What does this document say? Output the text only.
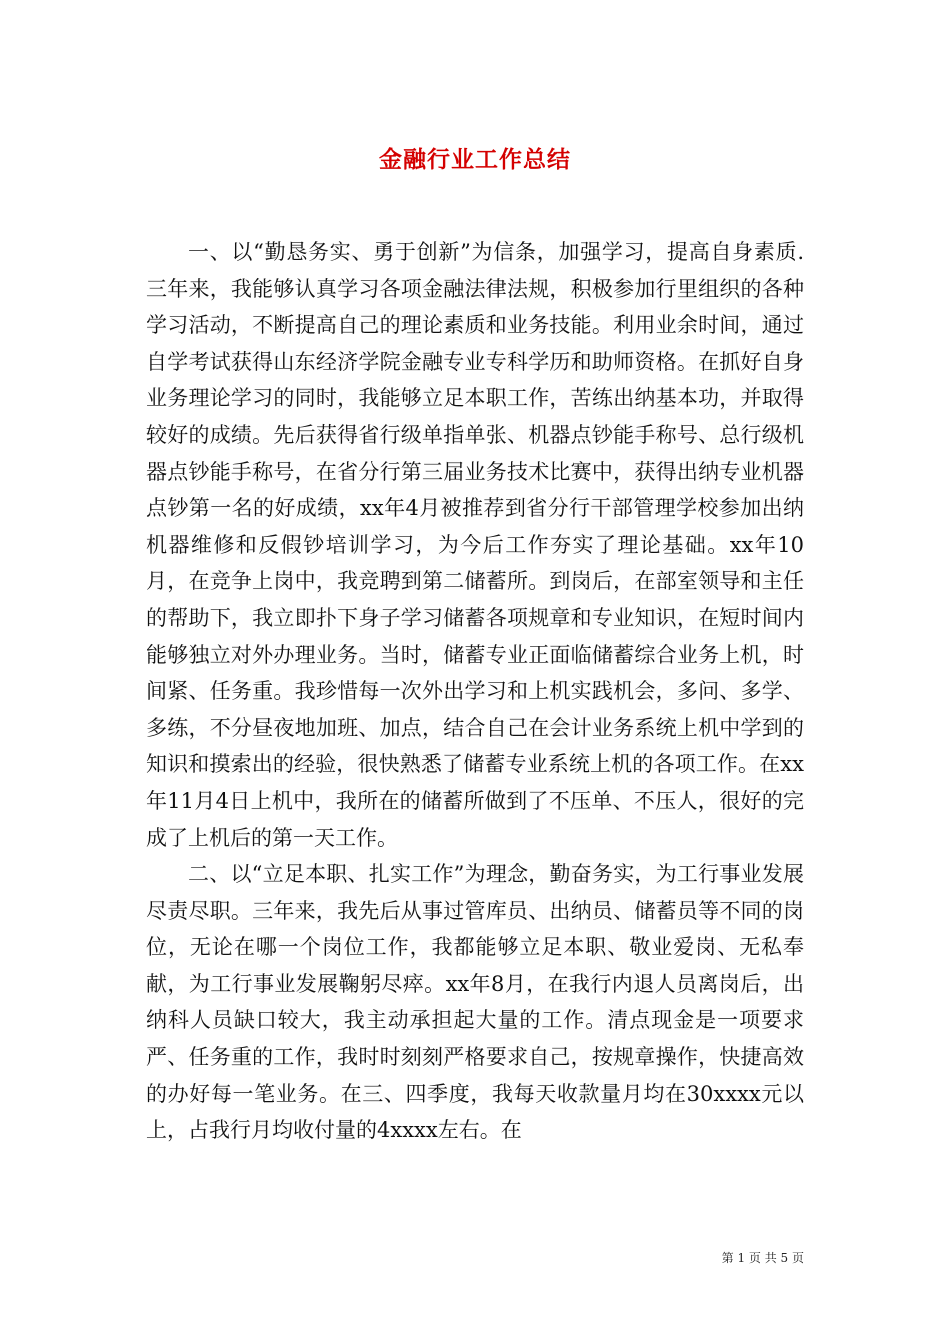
金融行业工作总结

一、以“勤恳务实、勇于创新”为信条，加强学习，提高自身素质.三年来，我能够认真学习各项金融法律法规，积极参加行里组织的各种学习活动，不断提高自己的理论素质和业务技能。利用业余时间，通过自学考试获得山东经济学院金融专业专科学历和助师资格。在抓好自身业务理论学习的同时，我能够立足本职工作，苦练出纳基本功，并取得较好的成绩。先后获得省行级单指单张、机器点钞能手称号、总行级机器点钞能手称号，在省分行第三届业务技术比赛中，获得出纳专业机器点钞第一名的好成绩，xx年4月被推荐到省分行干部管理学校参加出纳机器维修和反假钞培训学习，为今后工作夯实了理论基础。xx年10月，在竞争上岗中，我竞聘到第二储蓄所。到岗后，在部室领导和主任的帮助下，我立即扑下身子学习储蓄各项规章和专业知识，在短时间内能够独立对外办理业务。当时，储蓄专业正面临储蓄综合业务上机，时间紧、任务重。我珍惜每一次外出学习和上机实践机会，多问、多学、多练，不分昼夜地加班、加点，结合自己在会计业务系统上机中学到的知识和摸索出的经验，很快熟悉了储蓄专业系统上机的各项工作。在xx年11月4日上机中，我所在的储蓄所做到了不压单、不压人，很好的完成了上机后的第一天工作。

二、以“立足本职、扎实工作”为理念，勤奋务实，为工行事业发展尽责尽职。三年来，我先后从事过管库员、出纳员、储蓄员等不同的岗位，无论在哪一个岗位工作，我都能够立足本职、敬业爱岗、无私奉献，为工行事业发展鞠躬尽瘁。xx年8月，在我行内退人员离岗后，出纳科人员缺口较大，我主动承担起大量的工作。清点现金是一项要求严、任务重的工作，我时时刻刻严格要求自己，按规章操作，快捷高效的办好每一笔业务。在三、四季度，我每天收款量月均在30xxxx元以上，占我行月均收付量的4xxxx左右。在

第 1 页 共 5 页
